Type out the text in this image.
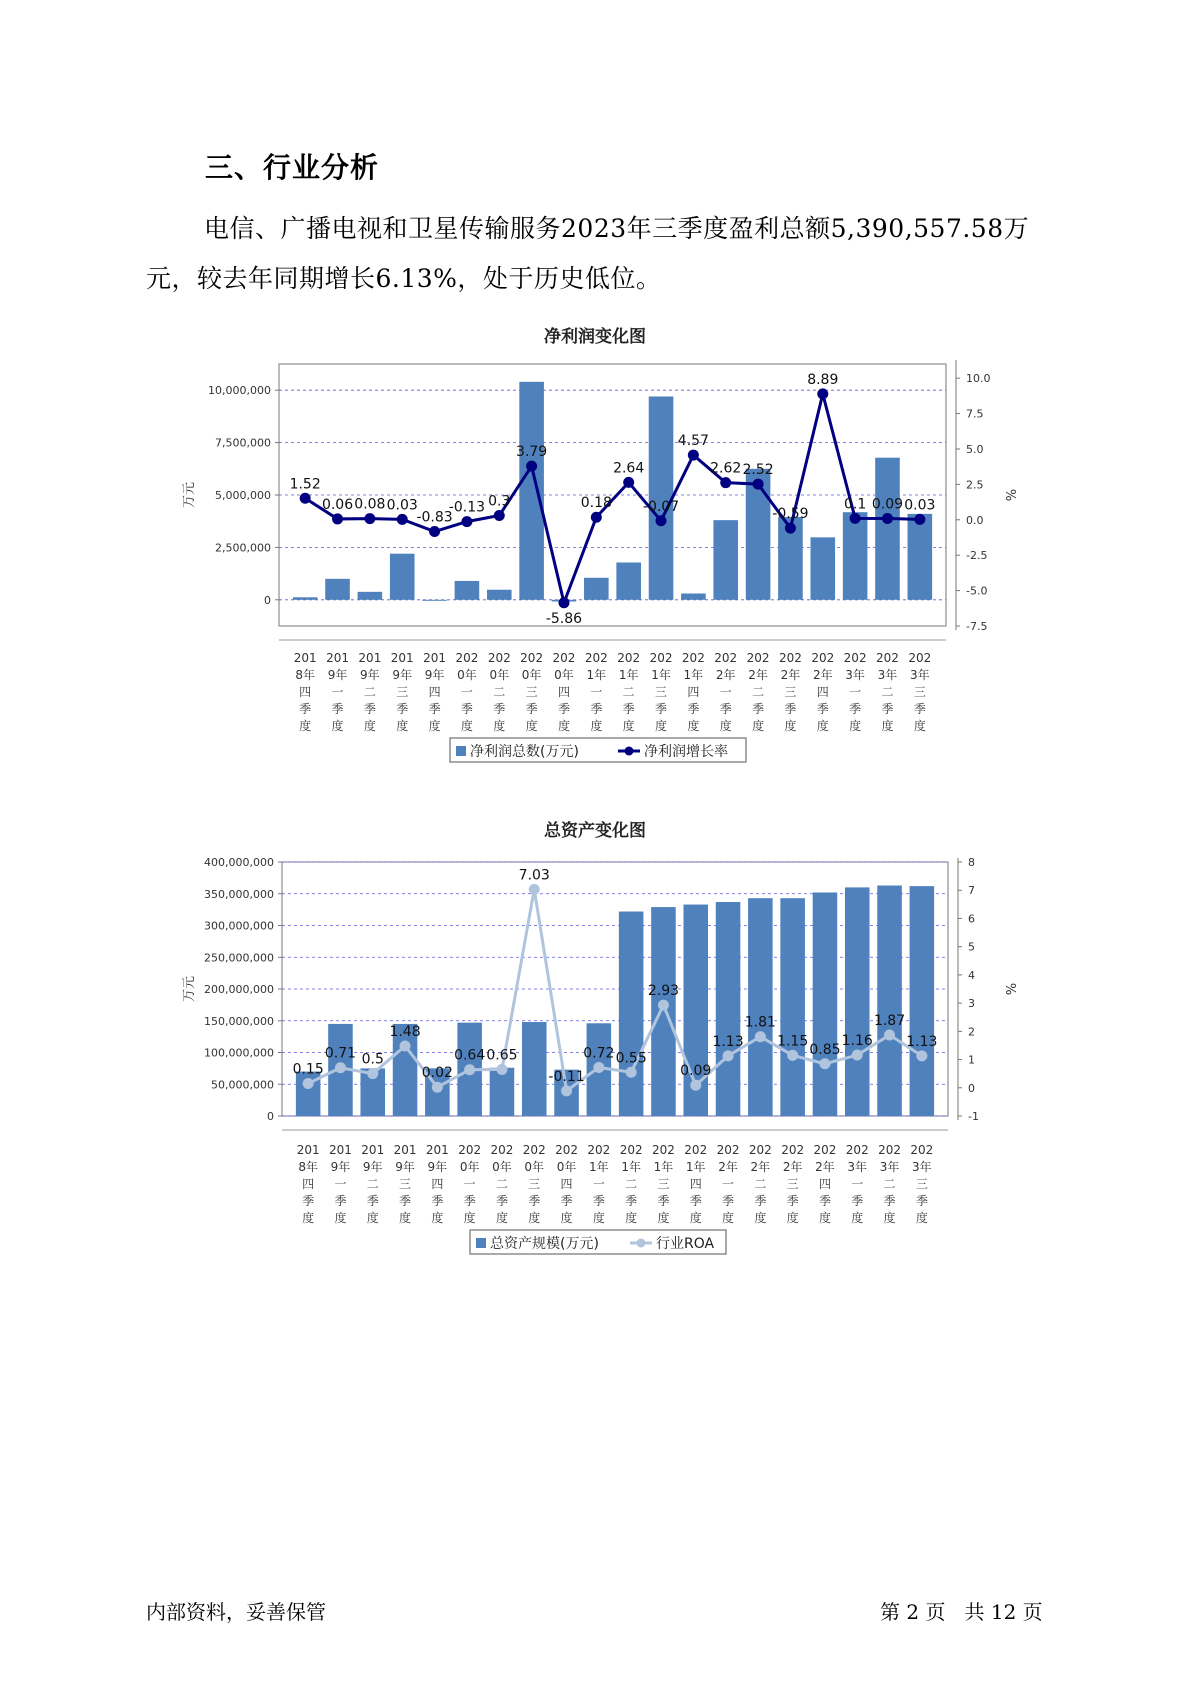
三、行业分析
电信、广播电视和卫星传输服务2023年三季度盈利总额5,390,557.58万元，较去年同期增长6.13%，处于历史低位。
净利润变化图
0
2,500,000
5,000,000
7,500,000
10,000,000
-7.5
-5.0
-2.5
0.0
2.5
5.0
7.5
10.0
万元	%
1.52
0.06 0.08 0.03
-0.83
-0.13 0.3
3.79
-5.86
0.18
2.64
-0.07
4.57
2.62 2.52
-0.59
8.89
0.1 0.09 0.03
201 8年四季度
201 9年一季度
201 9年二季度
201 9年三季度
201 9年四季度
202 0年一季度
202 0年二季度
202 0年三季度
202 0年四季度
202 1年一季度
202 1年二季度
202 1年三季度
202 1年四季度
202 2年一季度
202 2年二季度
202 2年三季度
202 2年四季度
202 3年一季度
202 3年二季度
202 3年三季度
净利润总数(万元)	净利润增长率
总资产变化图
0
50,000,000
100,000,000
150,000,000
200,000,000
250,000,000
300,000,000
350,000,000
400,000,000
-1
0
1
2
3
4
5
6
7
8
万元	%
0.15
0.71 0.5
1.48
0.02
0.64 0.65
7.03
-0.11
0.72 0.55
2.93
0.09
1.13
1.81
1.15
0.85
1.16
1.87
1.13
201 8年四季度
201 9年一季度
201 9年二季度
201 9年三季度
201 9年四季度
202 0年一季度
202 0年二季度
202 0年三季度
202 0年四季度
202 1年一季度
202 1年二季度
202 1年三季度
202 1年四季度
202 2年一季度
202 2年二季度
202 2年三季度
202 2年四季度
202 3年一季度
202 3年二季度
202 3年三季度
总资产规模(万元)	行业ROA
内部资料，妥善保管	第 2 页   共 12 页
